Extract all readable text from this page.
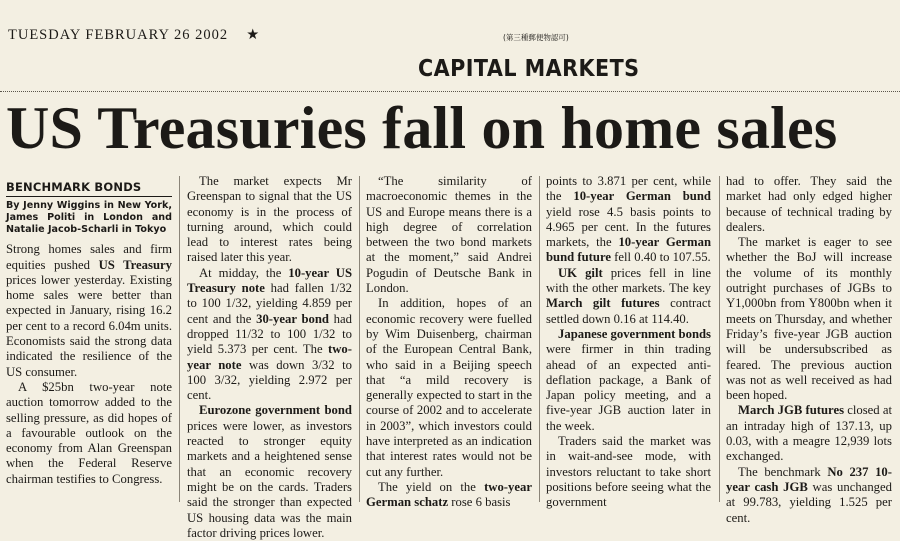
TUESDAY FEBRUARY 26 2002 ★	(第三種郵便物認可)
CAPITAL MARKETS
US Treasuries fall on home sales
BENCHMARK BONDS
By Jenny Wiggins in New York, James Politi in London and Natalie Jacob-Scharli in Tokyo

Strong homes sales and firm equities pushed US Treasury prices lower yesterday. Existing home sales were better than expected in January, rising 16.2 per cent to a record 6.04m units. Economists said the strong data indicated the resilience of the US consumer.

A $25bn two-year note auction tomorrow added to the selling pressure, as did hopes of a favourable outlook on the economy from Alan Greenspan when the Federal Reserve chairman testifies to Congress.

The market expects Mr Greenspan to signal that the US economy is in the process of turning around, which could lead to interest rates being raised later this year.

At midday, the 10-year US Treasury note had fallen 1/32 to 100 1/32, yielding 4.859 per cent and the 30-year bond had dropped 11/32 to 100 1/32 to yield 5.373 per cent. The two-year note was down 3/32 to 100 3/32, yielding 2.972 per cent.

Eurozone government bond prices were lower, as investors reacted to stronger equity markets and a heightened sense that an economic recovery might be on the cards. Traders said the stronger than expected US housing data was the main factor driving prices lower.

“The similarity of macroeconomic themes in the US and Europe means there is a high degree of correlation between the two bond markets at the moment,” said Andrei Pogudin of Deutsche Bank in London.

In addition, hopes of an economic recovery were fuelled by Wim Duisenberg, chairman of the European Central Bank, who said in a Beijing speech that “a mild recovery is generally expected to start in the course of 2002 and to accelerate in 2003”, which investors could have interpreted as an indication that interest rates would not be cut any further.

The yield on the two-year German schatz rose 6 basis

points to 3.871 per cent, while the 10-year German bund yield rose 4.5 basis points to 4.965 per cent. In the futures markets, the 10-year German bund future fell 0.40 to 107.55.

UK gilt prices fell in line with the other markets. The key March gilt futures contract settled down 0.16 at 114.40.

Japanese government bonds were firmer in thin trading ahead of an expected anti-deflation package, a Bank of Japan policy meeting, and a five-year JGB auction later in the week.

Traders said the market was in wait-and-see mode, with investors reluctant to take short positions before seeing what the government

had to offer. They said the market had only edged higher because of technical trading by dealers.

The market is eager to see whether the BoJ will increase the volume of its monthly outright purchases of JGBs to Y1,000bn from Y800bn when it meets on Thursday, and whether Friday’s five-year JGB auction will be undersubscribed as feared. The previous auction was not as well received as had been hoped.

March JGB futures closed at an intraday high of 137.13, up 0.03, with a meagre 12,939 lots exchanged.

The benchmark No 237 10-year cash JGB was unchanged at 99.783, yielding 1.525 per cent.
